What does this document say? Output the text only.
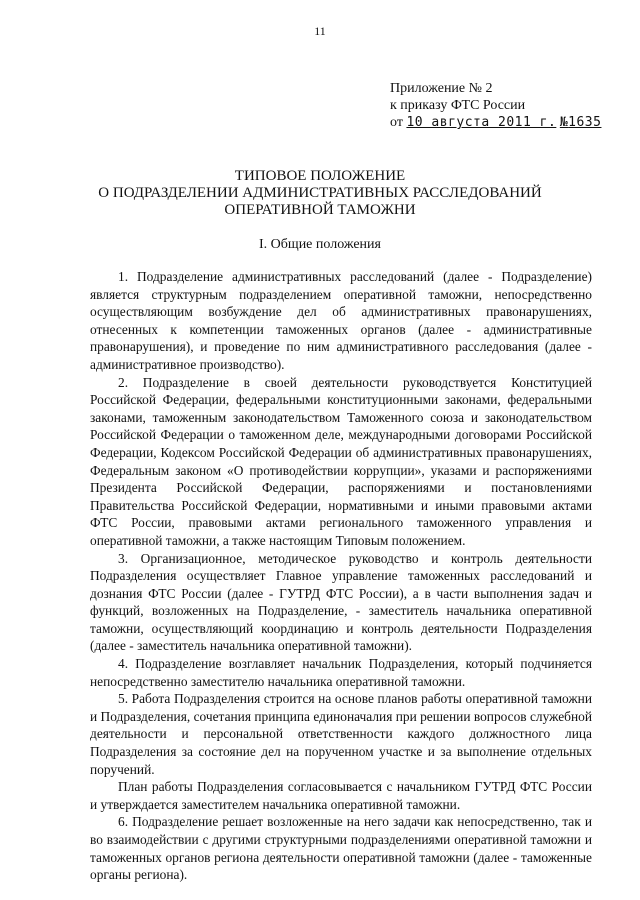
11
Приложение № 2
к приказу ФТС России
от 10 августа 2011 г. №1635
ТИПОВОЕ ПОЛОЖЕНИЕ
О ПОДРАЗДЕЛЕНИИ АДМИНИСТРАТИВНЫХ РАССЛЕДОВАНИЙ
ОПЕРАТИВНОЙ ТАМОЖНИ
I. Общие положения

1. Подразделение административных расследований (далее - Подразделение) является структурным подразделением оперативной таможни, непосредственно осуществляющим возбуждение дел об административных правонарушениях, отнесенных к компетенции таможенных органов (далее - административные правонарушения), и проведение по ним административного расследования (далее - административное производство).

2. Подразделение в своей деятельности руководствуется Конституцией Российской Федерации, федеральными конституционными законами, федеральными законами, таможенным законодательством Таможенного союза и законодательством Российской Федерации о таможенном деле, международными договорами Российской Федерации, Кодексом Российской Федерации об административных правонарушениях, Федеральным законом «О противодействии коррупции», указами и распоряжениями Президента Российской Федерации, распоряжениями и постановлениями Правительства Российской Федерации, нормативными и иными правовыми актами ФТС России, правовыми актами регионального таможенного управления и оперативной таможни, а также настоящим Типовым положением.

3. Организационное, методическое руководство и контроль деятельности Подразделения осуществляет Главное управление таможенных расследований и дознания ФТС России (далее - ГУТРД ФТС России), а в части выполнения задач и функций, возложенных на Подразделение, - заместитель начальника оперативной таможни, осуществляющий координацию и контроль деятельности Подразделения (далее - заместитель начальника оперативной таможни).

4. Подразделение возглавляет начальник Подразделения, который подчиняется непосредственно заместителю начальника оперативной таможни.

5. Работа Подразделения строится на основе планов работы оперативной таможни и Подразделения, сочетания принципа единоначалия при решении вопросов служебной деятельности и персональной ответственности каждого должностного лица Подразделения за состояние дел на порученном участке и за выполнение отдельных поручений.

План работы Подразделения согласовывается с начальником ГУТРД ФТС России и утверждается заместителем начальника оперативной таможни.

6. Подразделение решает возложенные на него задачи как непосредственно, так и во взаимодействии с другими структурными подразделениями оперативной таможни и таможенных органов региона деятельности оперативной таможни (далее - таможенные органы региона).
